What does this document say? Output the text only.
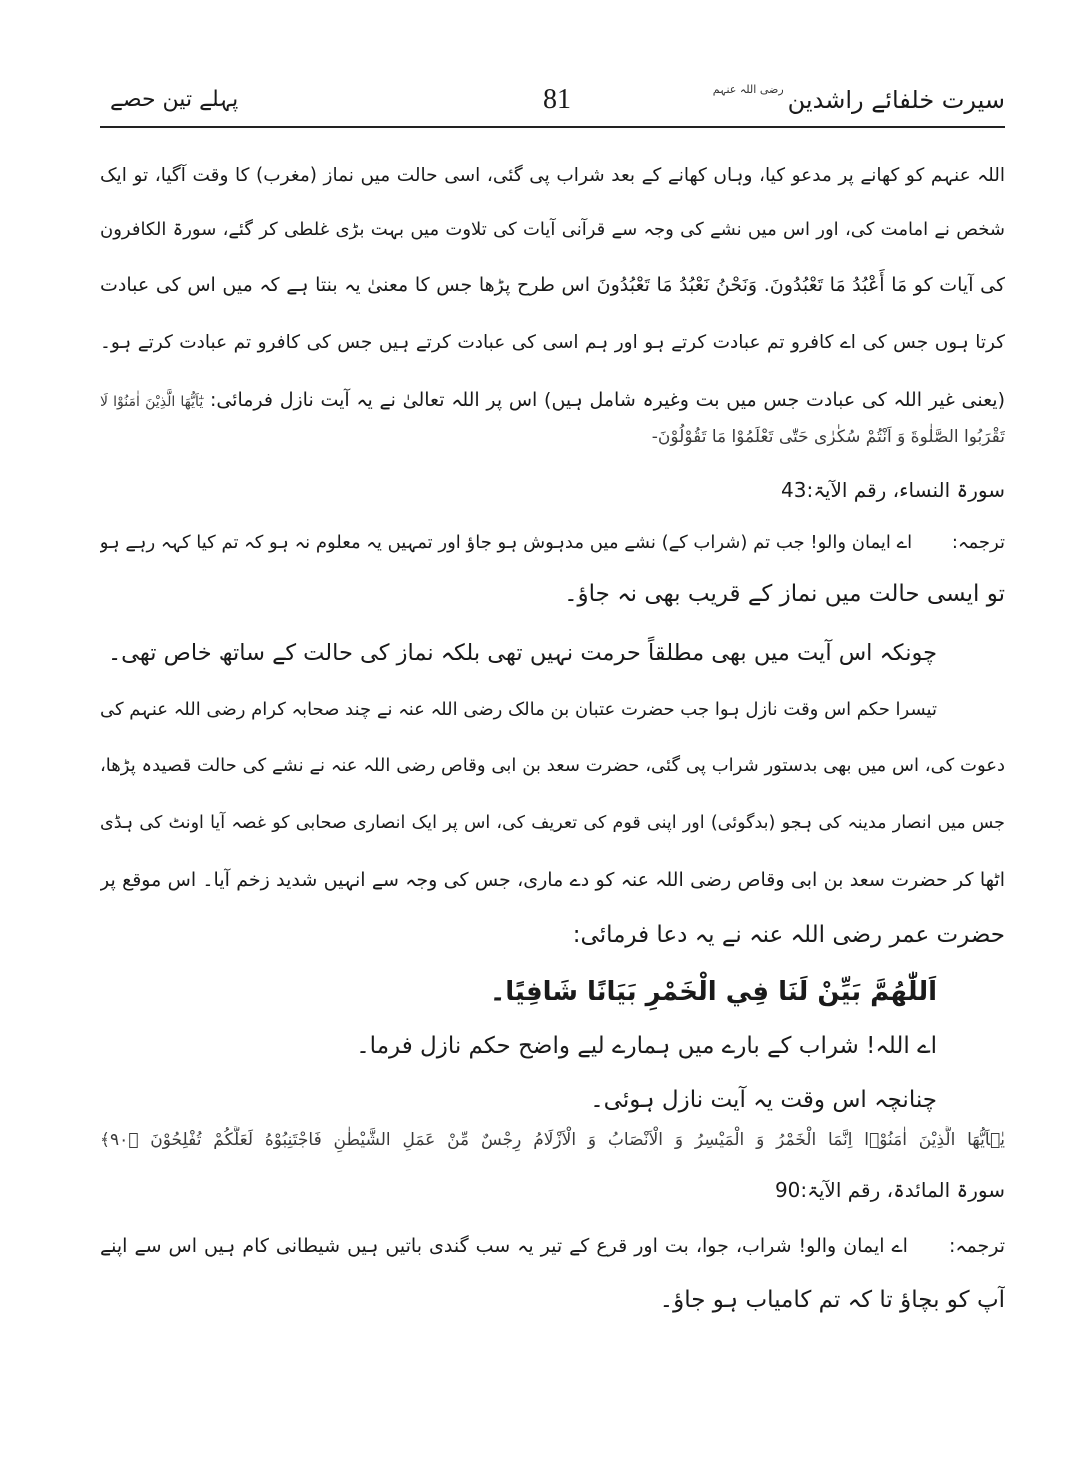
سیرت خلفائے راشدین
رضی اللہ عنہم
81
پہلے تین حصے
اللہ عنہم کو کھانے پر مدعو کیا، وہاں کھانے کے بعد شراب پی گئی، اسی حالت میں نماز (مغرب) کا وقت آگیا، تو ایک
شخص نے امامت کی، اور اس میں نشے کی وجہ سے قرآنی آیات کی تلاوت میں بہت بڑی غلطی کر گئے، سورۃ الکافرون
کی آیات کو مَا أَعْبُدُ مَا تَعْبُدُونَ. وَنَحْنُ نَعْبُدُ مَا تَعْبُدُونَ اس طرح پڑھا جس کا معنیٰ یہ بنتا ہے کہ میں اس کی عبادت
کرتا ہوں جس کی اے کافرو تم عبادت کرتے ہو اور ہم اسی کی عبادت کرتے ہیں جس کی کافرو تم عبادت کرتے ہو۔
(یعنی غیر اللہ کی عبادت جس میں بت وغیرہ شامل ہیں) اس پر اللہ تعالیٰ نے یہ آیت نازل فرمائی: يٰٓاَيُّهَا الَّذِيْنَ اٰمَنُوْا لَا
تَقْرَبُوا الصَّلٰوةَ وَ اَنْتُمْ سُكٰرٰى حَتّٰى تَعْلَمُوْا مَا تَقُوْلُوْنَ-
سورۃ النساء، رقم الآیۃ:43
ترجمہ: اے ایمان والو! جب تم (شراب کے) نشے میں مدہوش ہو جاؤ اور تمہیں یہ معلوم نہ ہو کہ تم کیا کہہ رہے ہو
تو ایسی حالت میں نماز کے قریب بھی نہ جاؤ۔
چونکہ اس آیت میں بھی مطلقاً حرمت نہیں تھی بلکہ نماز کی حالت کے ساتھ خاص تھی۔
تیسرا حکم اس وقت نازل ہوا جب حضرت عتبان بن مالک رضی اللہ عنہ نے چند صحابہ کرام رضی اللہ عنہم کی
دعوت کی، اس میں بھی بدستور شراب پی گئی، حضرت سعد بن ابی وقاص رضی اللہ عنہ نے نشے کی حالت قصیدہ پڑھا،
جس میں انصار مدینہ کی ہجو (بدگوئی) اور اپنی قوم کی تعریف کی، اس پر ایک انصاری صحابی کو غصہ آیا اونٹ کی ہڈی
اٹھا کر حضرت سعد بن ابی وقاص رضی اللہ عنہ کو دے ماری، جس کی وجہ سے انہیں شدید زخم آیا۔ اس موقع پر
حضرت عمر رضی اللہ عنہ نے یہ دعا فرمائی:
اَللّٰهُمَّ بَيِّنْ لَنَا فِي الْخَمْرِ بَيَانًا شَافِيًا۔
اے اللہ! شراب کے بارے میں ہمارے لیے واضح حکم نازل فرما۔
چنانچہ اس وقت یہ آیت نازل ہوئی۔
يٰۤاَيُّهَا الَّذِيْنَ اٰمَنُوْۤا اِنَّمَا الْخَمْرُ وَ الْمَيْسِرُ وَ الْاَنْصَابُ وَ الْاَزْلَامُ رِجْسٌ مِّنْ عَمَلِ الشَّيْطٰنِ فَاجْتَنِبُوْهُ لَعَلَّكُمْ تُفْلِحُوْنَ ﴿۹۰﴾
سورۃ المائدۃ، رقم الآیۃ:90
ترجمہ: اے ایمان والو! شراب، جوا، بت اور قرع کے تیر یہ سب گندی باتیں ہیں شیطانی کام ہیں اس سے اپنے
آپ کو بچاؤ تا کہ تم کامیاب ہو جاؤ۔
